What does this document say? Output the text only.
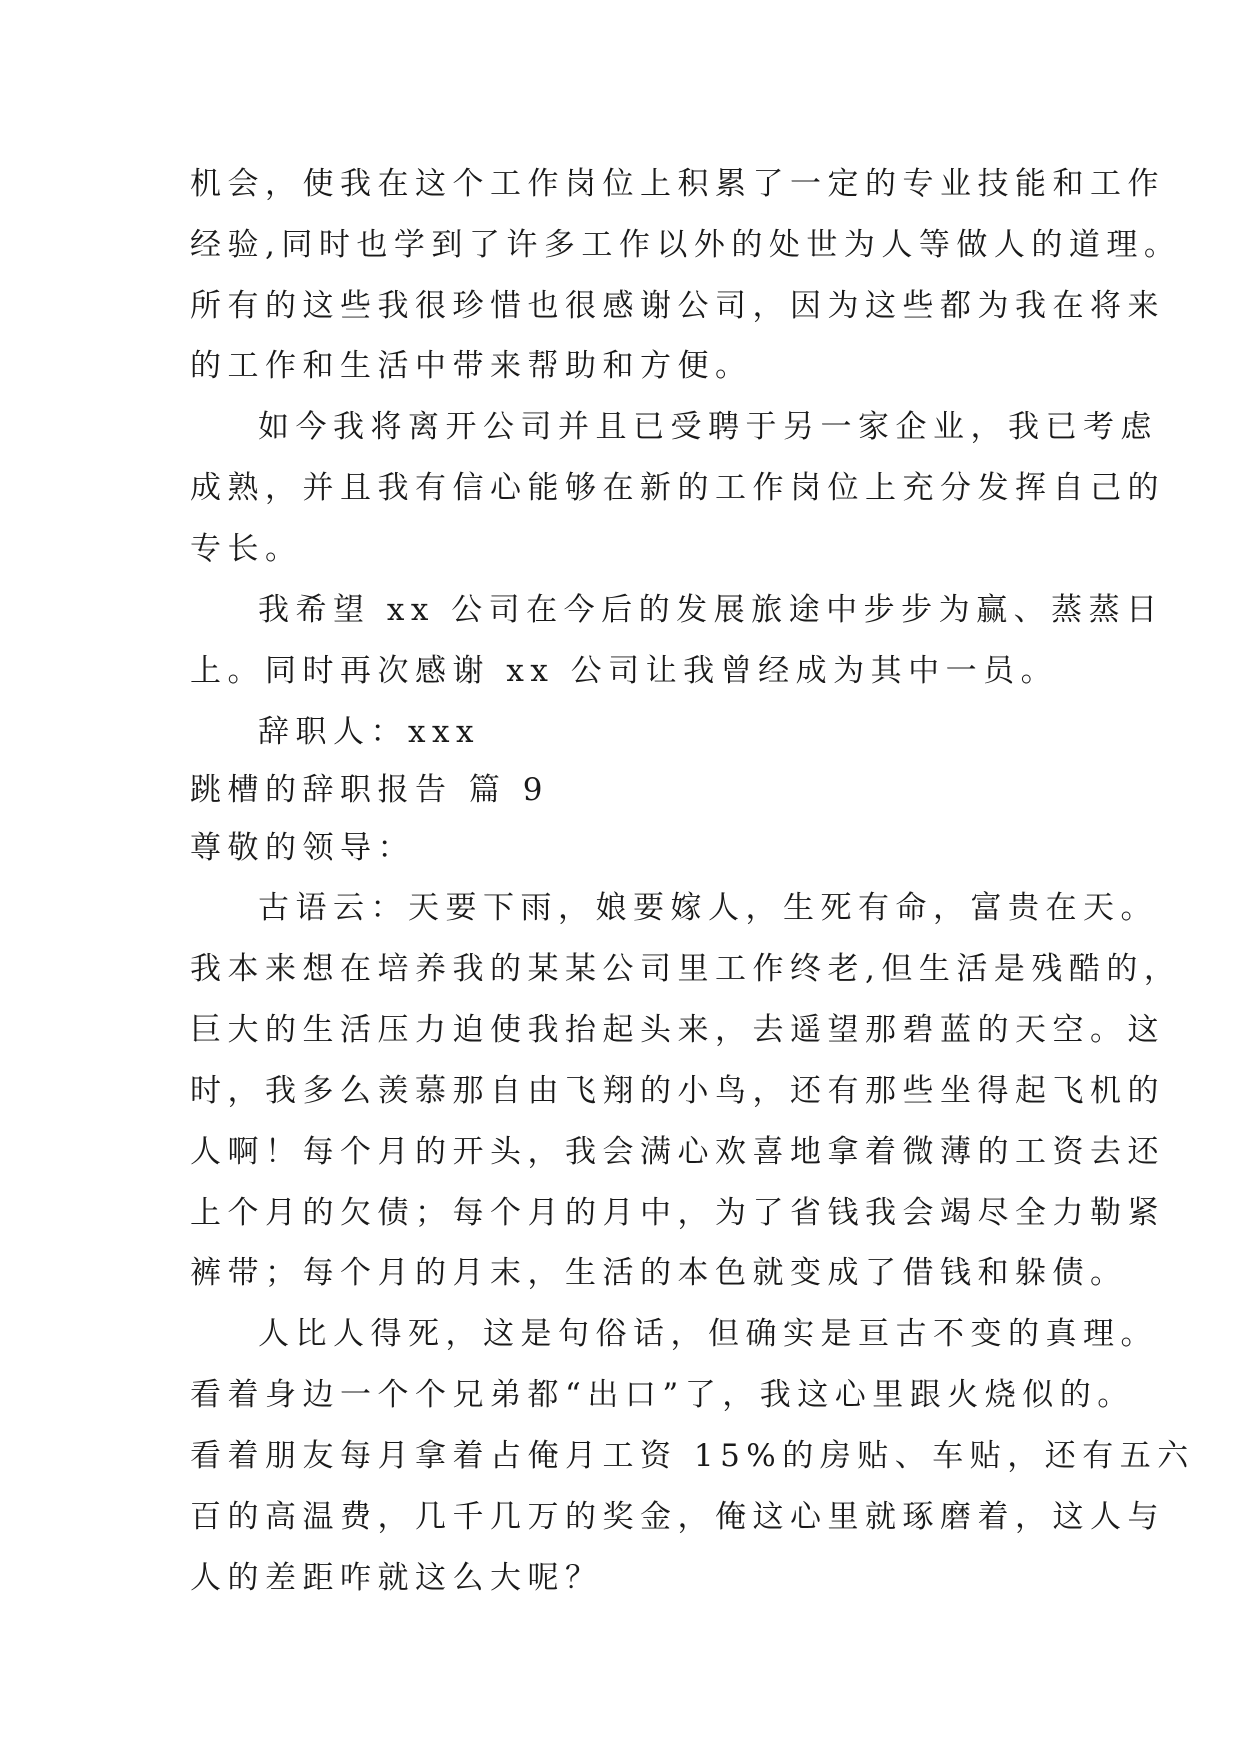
机会，使我在这个工作岗位上积累了一定的专业技能和工作
经验,同时也学到了许多工作以外的处世为人等做人的道理。
所有的这些我很珍惜也很感谢公司，因为这些都为我在将来
的工作和生活中带来帮助和方便。
如今我将离开公司并且已受聘于另一家企业，我已考虑
成熟，并且我有信心能够在新的工作岗位上充分发挥自己的
专长。
我希望 xx 公司在今后的发展旅途中步步为赢、蒸蒸日
上。同时再次感谢 xx 公司让我曾经成为其中一员。
辞职人：xxx
跳槽的辞职报告 篇 9
尊敬的领导：
古语云：天要下雨，娘要嫁人，生死有命，富贵在天。
我本来想在培养我的某某公司里工作终老,但生活是残酷的，
巨大的生活压力迫使我抬起头来，去遥望那碧蓝的天空。这
时，我多么羡慕那自由飞翔的小鸟，还有那些坐得起飞机的
人啊！每个月的开头，我会满心欢喜地拿着微薄的工资去还
上个月的欠债；每个月的月中，为了省钱我会竭尽全力勒紧
裤带；每个月的月末，生活的本色就变成了借钱和躲债。
人比人得死，这是句俗话，但确实是亘古不变的真理。
看着身边一个个兄弟都“出口”了，我这心里跟火烧似的。
看着朋友每月拿着占俺月工资 15%的房贴、车贴，还有五六
百的高温费，几千几万的奖金，俺这心里就琢磨着，这人与
人的差距咋就这么大呢？
